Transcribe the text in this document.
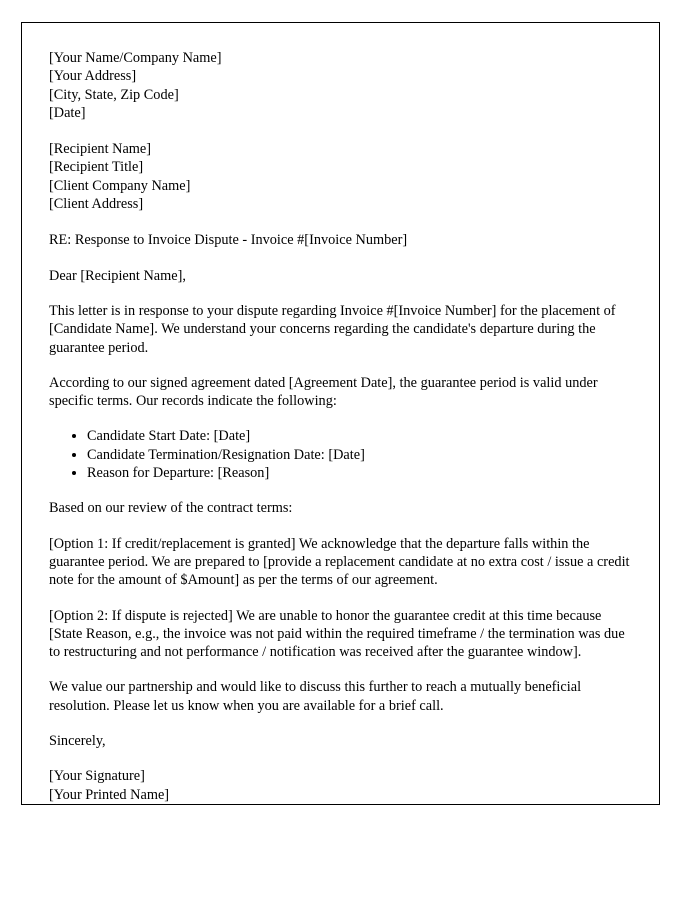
[Your Name/Company Name]
[Your Address]
[City, State, Zip Code]
[Date]
[Recipient Name]
[Recipient Title]
[Client Company Name]
[Client Address]
RE: Response to Invoice Dispute - Invoice #[Invoice Number]
Dear [Recipient Name],
This letter is in response to your dispute regarding Invoice #[Invoice Number] for the placement of [Candidate Name]. We understand your concerns regarding the candidate's departure during the guarantee period.
According to our signed agreement dated [Agreement Date], the guarantee period is valid under specific terms. Our records indicate the following:
• Candidate Start Date: [Date]
• Candidate Termination/Resignation Date: [Date]
• Reason for Departure: [Reason]
Based on our review of the contract terms:
[Option 1: If credit/replacement is granted] We acknowledge that the departure falls within the guarantee period. We are prepared to [provide a replacement candidate at no extra cost / issue a credit note for the amount of $Amount] as per the terms of our agreement.
[Option 2: If dispute is rejected] We are unable to honor the guarantee credit at this time because [State Reason, e.g., the invoice was not paid within the required timeframe / the termination was due to restructuring and not performance / notification was received after the guarantee window].
We value our partnership and would like to discuss this further to reach a mutually beneficial resolution. Please let us know when you are available for a brief call.
Sincerely,
[Your Signature]
[Your Printed Name]
